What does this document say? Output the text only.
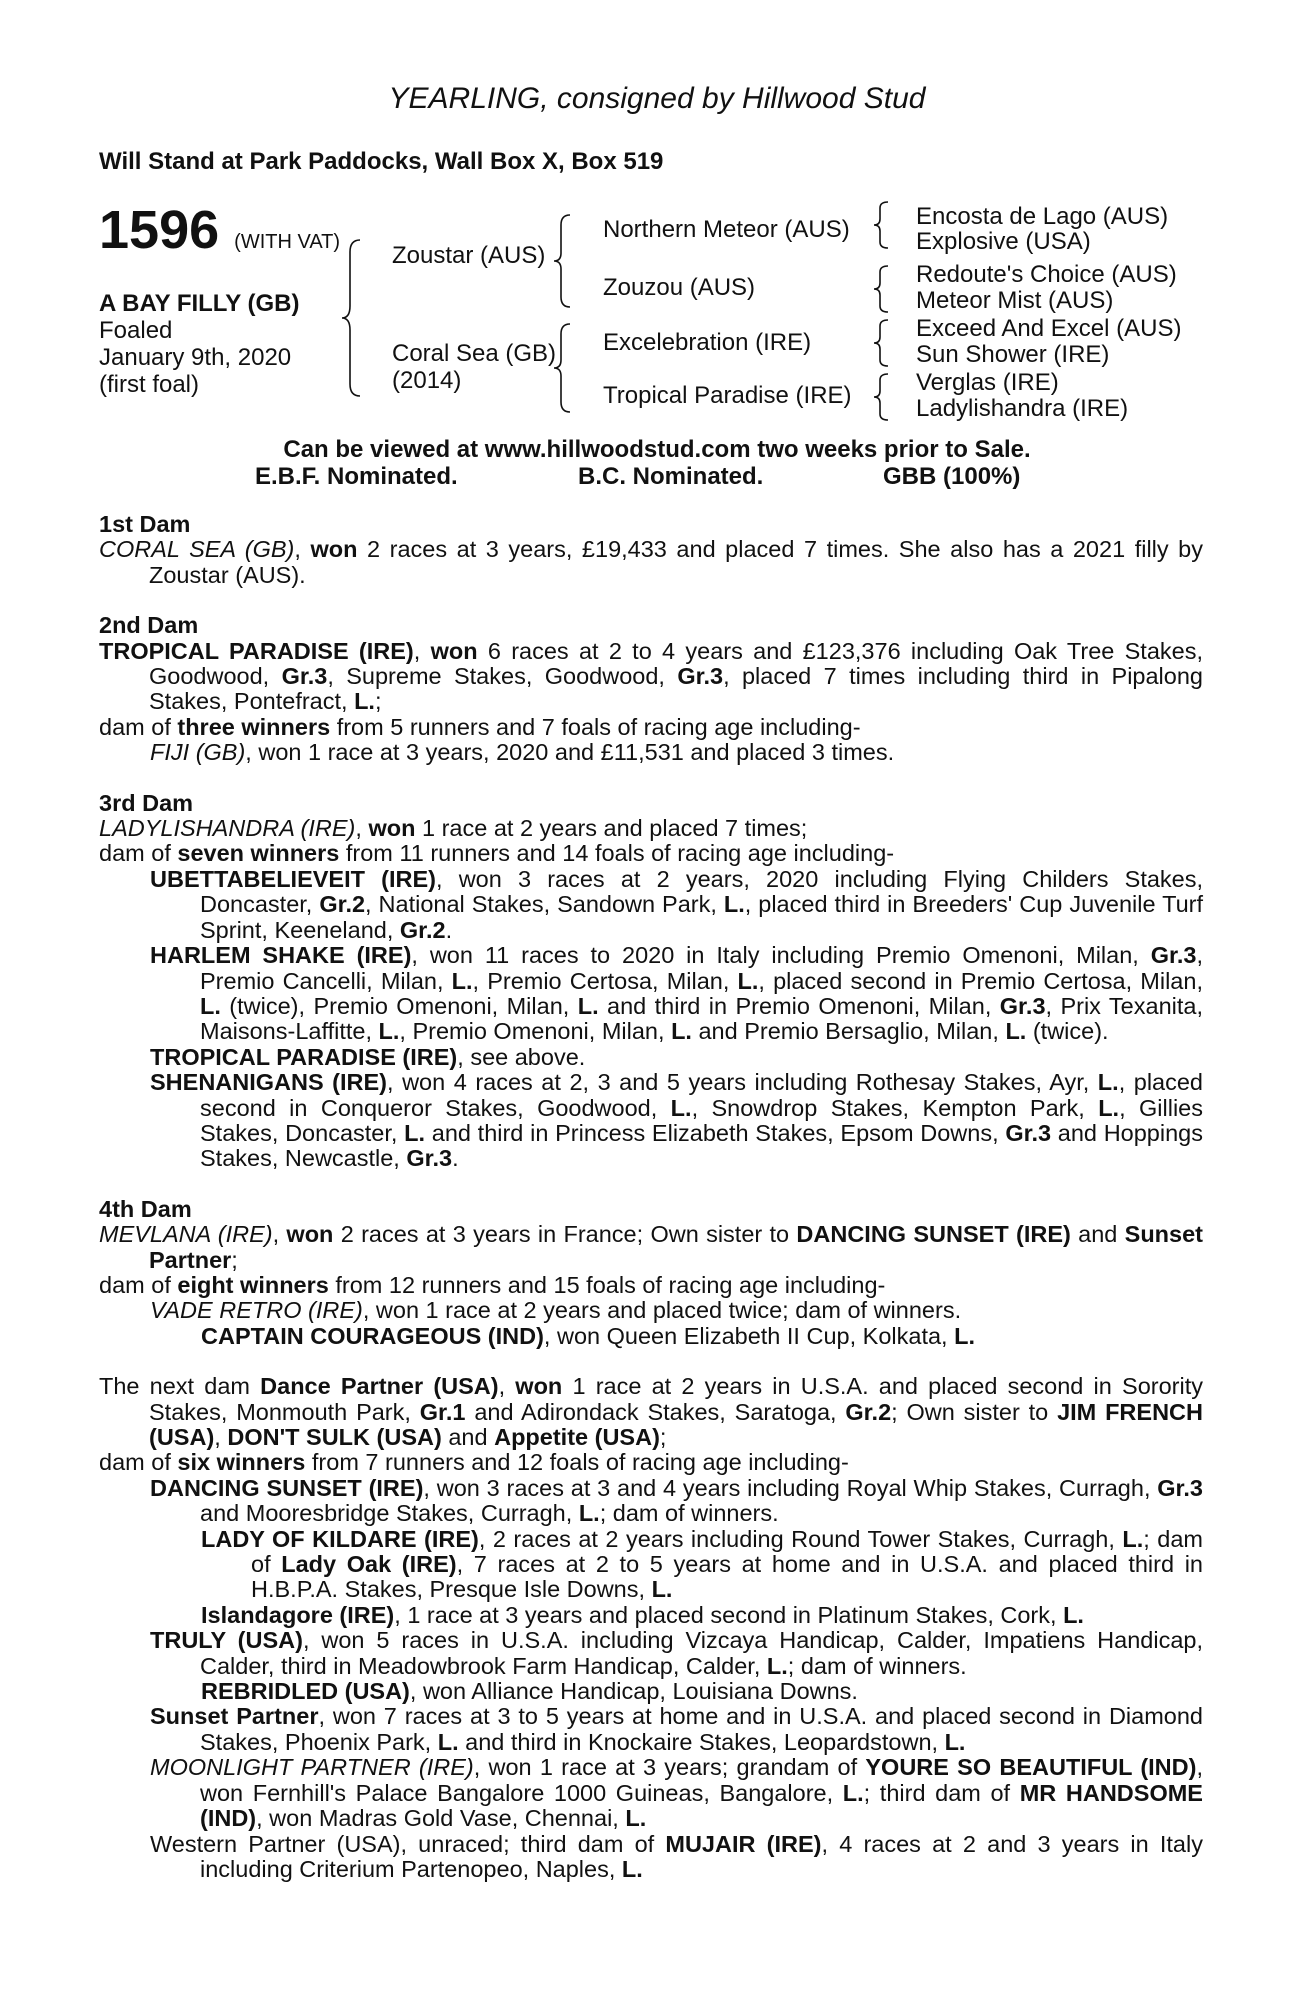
YEARLING, consigned by Hillwood Stud
Will Stand at Park Paddocks, Wall Box X, Box 519
1596 (WITH VAT)
A BAY FILLY (GB)
Foaled
January 9th, 2020
(first foal)
Zoustar (AUS)
Coral Sea (GB)
(2014)
Northern Meteor (AUS)
Zouzou (AUS)
Excelebration (IRE)
Tropical Paradise (IRE)
Encosta de Lago (AUS)
Explosive (USA)
Redoute's Choice (AUS)
Meteor Mist (AUS)
Exceed And Excel (AUS)
Sun Shower (IRE)
Verglas (IRE)
Ladylishandra (IRE)
Can be viewed at www.hillwoodstud.com two weeks prior to Sale.
E.B.F. Nominated.	B.C. Nominated.	GBB (100%)

1st Dam

CORAL SEA (GB), won 2 races at 3 years, £19,433 and placed 7 times. She also has a 2021 filly by Zoustar (AUS).

2nd Dam

TROPICAL PARADISE (IRE), won 6 races at 2 to 4 years and £123,376 including Oak Tree Stakes, Goodwood, Gr.3, Supreme Stakes, Goodwood, Gr.3, placed 7 times including third in Pipalong Stakes, Pontefract, L.;

dam of three winners from 5 runners and 7 foals of racing age including-

FIJI (GB), won 1 race at 3 years, 2020 and £11,531 and placed 3 times.

3rd Dam

LADYLISHANDRA (IRE), won 1 race at 2 years and placed 7 times;

dam of seven winners from 11 runners and 14 foals of racing age including-

UBETTABELIEVEIT (IRE), won 3 races at 2 years, 2020 including Flying Childers Stakes, Doncaster, Gr.2, National Stakes, Sandown Park, L., placed third in Breeders' Cup Juvenile Turf Sprint, Keeneland, Gr.2.

HARLEM SHAKE (IRE), won 11 races to 2020 in Italy including Premio Omenoni, Milan, Gr.3, Premio Cancelli, Milan, L., Premio Certosa, Milan, L., placed second in Premio Certosa, Milan, L. (twice), Premio Omenoni, Milan, L. and third in Premio Omenoni, Milan, Gr.3, Prix Texanita, Maisons-Laffitte, L., Premio Omenoni, Milan, L. and Premio Bersaglio, Milan, L. (twice).

TROPICAL PARADISE (IRE), see above.

SHENANIGANS (IRE), won 4 races at 2, 3 and 5 years including Rothesay Stakes, Ayr, L., placed second in Conqueror Stakes, Goodwood, L., Snowdrop Stakes, Kempton Park, L., Gillies Stakes, Doncaster, L. and third in Princess Elizabeth Stakes, Epsom Downs, Gr.3 and Hoppings Stakes, Newcastle, Gr.3.

4th Dam

MEVLANA (IRE), won 2 races at 3 years in France; Own sister to DANCING SUNSET (IRE) and Sunset Partner;

dam of eight winners from 12 runners and 15 foals of racing age including-

VADE RETRO (IRE), won 1 race at 2 years and placed twice; dam of winners.

CAPTAIN COURAGEOUS (IND), won Queen Elizabeth II Cup, Kolkata, L.

The next dam Dance Partner (USA), won 1 race at 2 years in U.S.A. and placed second in Sorority Stakes, Monmouth Park, Gr.1 and Adirondack Stakes, Saratoga, Gr.2; Own sister to JIM FRENCH (USA), DON'T SULK (USA) and Appetite (USA);

dam of six winners from 7 runners and 12 foals of racing age including-

DANCING SUNSET (IRE), won 3 races at 3 and 4 years including Royal Whip Stakes, Curragh, Gr.3 and Mooresbridge Stakes, Curragh, L.; dam of winners.

LADY OF KILDARE (IRE), 2 races at 2 years including Round Tower Stakes, Curragh, L.; dam of Lady Oak (IRE), 7 races at 2 to 5 years at home and in U.S.A. and placed third in H.B.P.A. Stakes, Presque Isle Downs, L.

Islandagore (IRE), 1 race at 3 years and placed second in Platinum Stakes, Cork, L.

TRULY (USA), won 5 races in U.S.A. including Vizcaya Handicap, Calder, Impatiens Handicap, Calder, third in Meadowbrook Farm Handicap, Calder, L.; dam of winners.

REBRIDLED (USA), won Alliance Handicap, Louisiana Downs.

Sunset Partner, won 7 races at 3 to 5 years at home and in U.S.A. and placed second in Diamond Stakes, Phoenix Park, L. and third in Knockaire Stakes, Leopardstown, L.

MOONLIGHT PARTNER (IRE), won 1 race at 3 years; grandam of YOURE SO BEAUTIFUL (IND), won Fernhill's Palace Bangalore 1000 Guineas, Bangalore, L.; third dam of MR HANDSOME (IND), won Madras Gold Vase, Chennai, L.

Western Partner (USA), unraced; third dam of MUJAIR (IRE), 4 races at 2 and 3 years in Italy including Criterium Partenopeo, Naples, L.
